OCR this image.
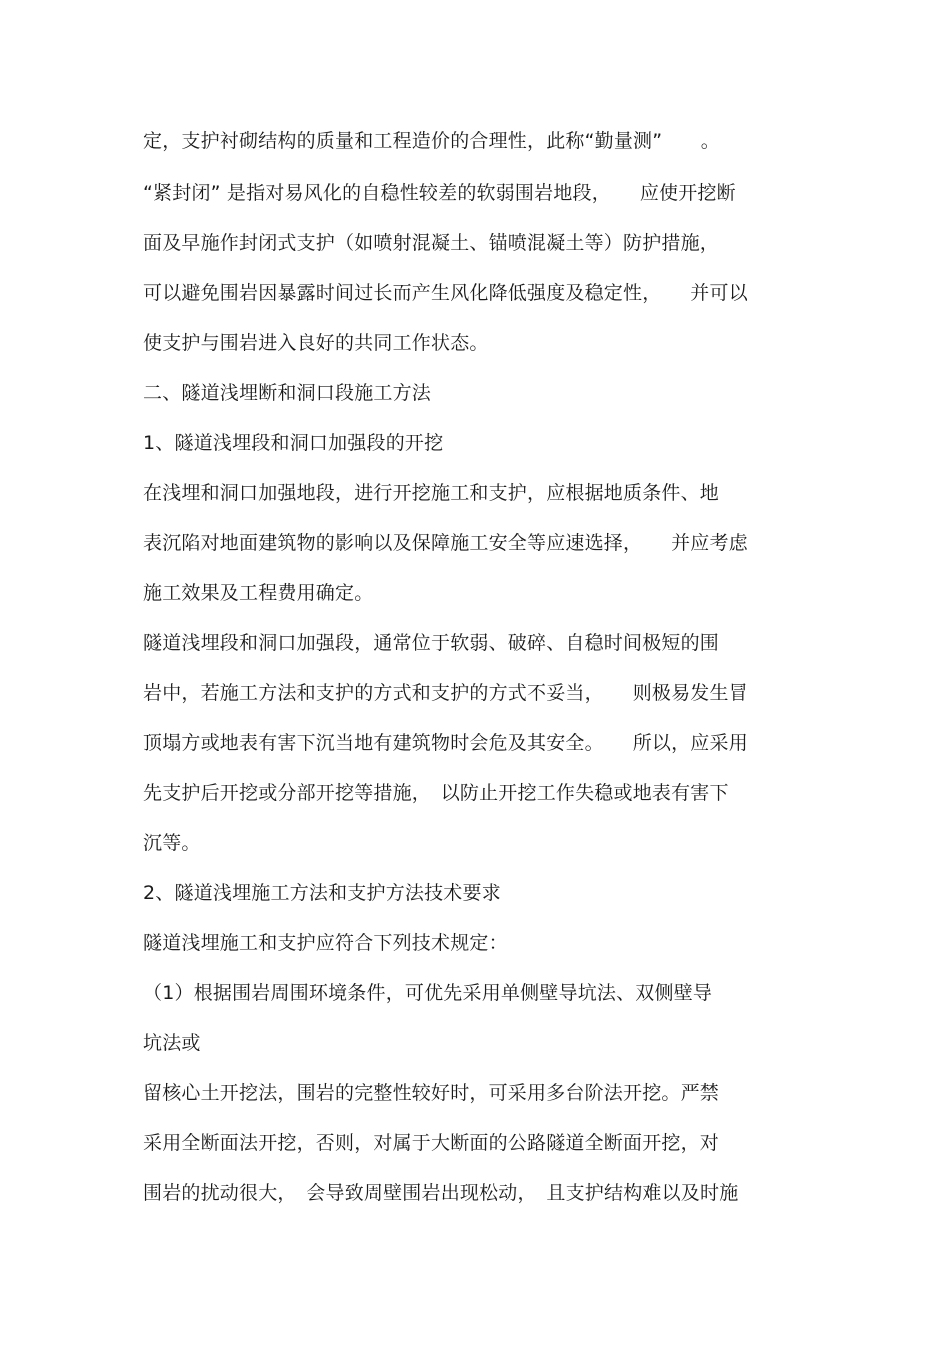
定，支护衬砌结构的质量和工程造价的合理性，此称“勤量测”　　。
“紧封闭” 是指对易风化的自稳性较差的软弱围岩地段，　　应使开挖断
面及早施作封闭式支护（如喷射混凝土、锚喷混凝土等）防护措施，
可以避免围岩因暴露时间过长而产生风化降低强度及稳定性，　　并可以
使支护与围岩进入良好的共同工作状态。
二、隧道浅埋断和洞口段施工方法
1、隧道浅埋段和洞口加强段的开挖
在浅埋和洞口加强地段，进行开挖施工和支护，应根据地质条件、地
表沉陷对地面建筑物的影响以及保障施工安全等应速选择，　　并应考虑
施工效果及工程费用确定。
隧道浅埋段和洞口加强段，通常位于软弱、破碎、自稳时间极短的围
岩中，若施工方法和支护的方式和支护的方式不妥当，　　则极易发生冒
顶塌方或地表有害下沉当地有建筑物时会危及其安全。　　所以，应采用
先支护后开挖或分部开挖等措施，　以防止开挖工作失稳或地表有害下
沉等。
2、隧道浅埋施工方法和支护方法技术要求
隧道浅埋施工和支护应符合下列技术规定：
（1）根据围岩周围环境条件，可优先采用单侧壁导坑法、双侧壁导
坑法或
留核心土开挖法，围岩的完整性较好时，可采用多台阶法开挖。严禁
采用全断面法开挖，否则，对属于大断面的公路隧道全断面开挖，对
围岩的扰动很大，　会导致周壁围岩出现松动，　且支护结构难以及时施
